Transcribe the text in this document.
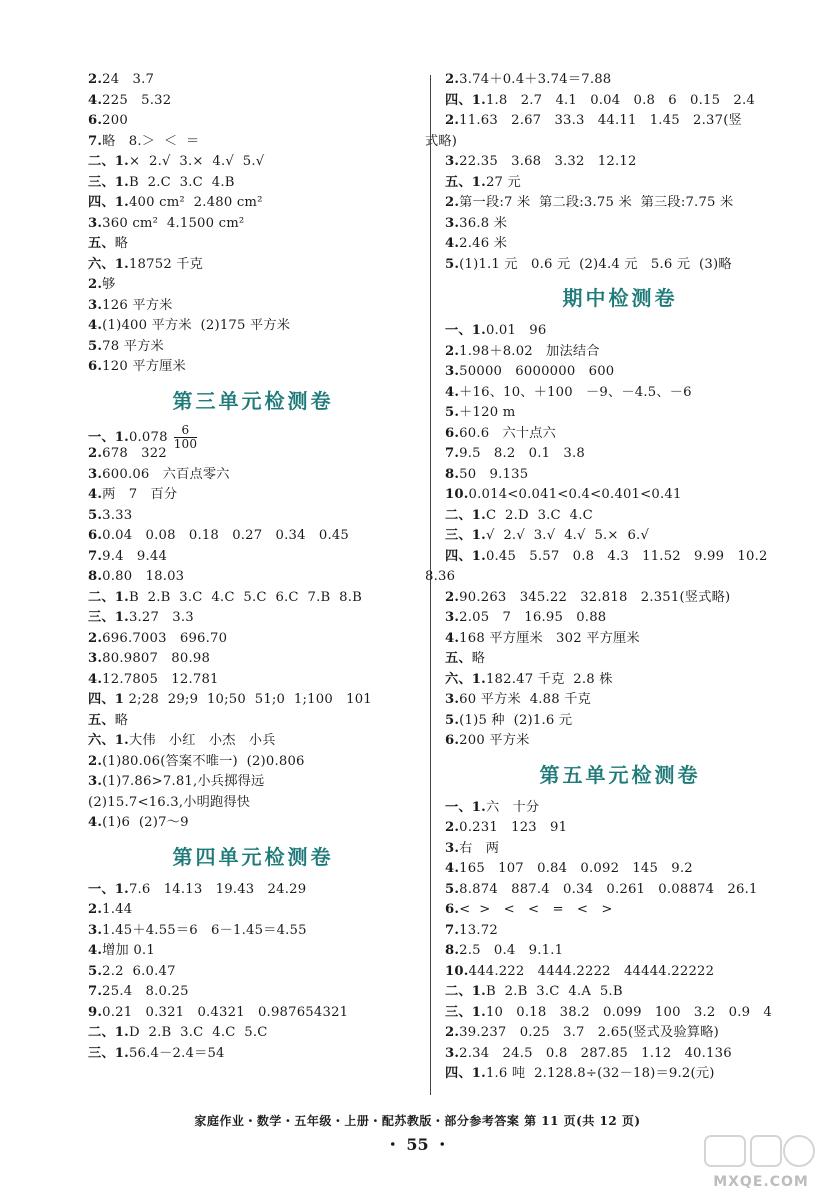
2.24   3.7
4.225   5.32
6.200
7.略   8.＞  ＜  ＝
二、1.×  2.√  3.×  4.√  5.√
三、1.B  2.C  3.C  4.B
四、1.400 cm²  2.480 cm²
3.360 cm²  4.1500 cm²
五、略
六、1.18752 千克
2.够
3.126 平方米
4.(1)400 平方米  (2)175 平方米
5.78 平方米
6.120 平方厘米
第三单元检测卷
一、$1.0.078 \frac{6}{100}$
2.678   322
3.600.06   六百点零六
4.两   7   百分
5.3.33
6.0.04   0.08   0.18   0.27   0.34   0.45
7.9.4   9.44
8.0.80   18.03
二、1.B  2.B  3.C  4.C  5.C  6.C  7.B  8.B
三、1.3.27   3.3
2.696.7003   696.70
3.80.9807   80.98
4.12.7805   12.781
四、1 2;28  29;9  10;50  51;0  1;100   101
五、略
六、1.大伟   小红   小杰   小兵
2.(1)80.06(答案不唯一)  (2)0.806
3.(1)7.86>7.81,小兵掷得远
(2)15.7<16.3,小明跑得快
4.(1)6  (2)7～9
第四单元检测卷
一、1.7.6   14.13   19.43   24.29
2.1.44
3.1.45＋4.55＝6   6－1.45＝4.55
4.增加 0.1
5.2.2  6.0.47
7.25.4   8.0.25
9.0.21   0.321   0.4321   0.987654321
二、1.D  2.B  3.C  4.C  5.C
三、1.56.4－2.4＝54
2.3.74＋0.4＋3.74＝7.88
四、1.1.8   2.7   4.1   0.04   0.8   6   0.15   2.4
2.11.63   2.67   33.3   44.11   1.45   2.37(竖
式略)
3.22.35   3.68   3.32   12.12
五、1.27 元
2.第一段:7 米  第二段:3.75 米  第三段:7.75 米
3.36.8 米
4.2.46 米
5.(1)1.1 元   0.6 元  (2)4.4 元   5.6 元  (3)略
期中检测卷
一、1.0.01   96
2.1.98＋8.02   加法结合
3.50000   6000000   600
4.＋16、10、＋100   －9、－4.5、－6
5.＋120 m
6.60.6   六十点六
7.9.5   8.2   0.1   3.8
8.50   9.135
10.0.014<0.041<0.4<0.401<0.41
二、1.C  2.D  3.C  4.C
三、1.√  2.√  3.√  4.√  5.×  6.√
四、1.0.45   5.57   0.8   4.3   11.52   9.99   10.2
8.36
2.90.263   345.22   32.818   2.351(竖式略)
3.2.05   7   16.95   0.88
4.168 平方厘米   302 平方厘米
五、略
六、1.182.47 千克  2.8 株
3.60 平方米  4.88 千克
5.(1)5 种  (2)1.6 元
6.200 平方米
第五单元检测卷
一、1.六   十分
2.0.231   123   91
3.右   两
4.165   107   0.84   0.092   145   9.2
5.8.874   887.4   0.34   0.261   0.08874   26.1
6.<  >   <   <   =   <   >
7.13.72
8.2.5   0.4   9.1.1
10.444.222   4444.2222   44444.22222
二、1.B  2.B  3.C  4.A  5.B
三、1.10   0.18   38.2   0.099   100   3.2   0.9   4
2.39.237   0.25   3.7   2.65(竖式及验算略)
3.2.34   24.5   0.8   287.85   1.12   40.136
四、1.1.6 吨  2.128.8÷(32－18)＝9.2(元)
家庭作业・数学・五年级・上册・配苏教版・部分参考答案 第 11 页(共 12 页)
・ 55 ・
MXQE.COM
